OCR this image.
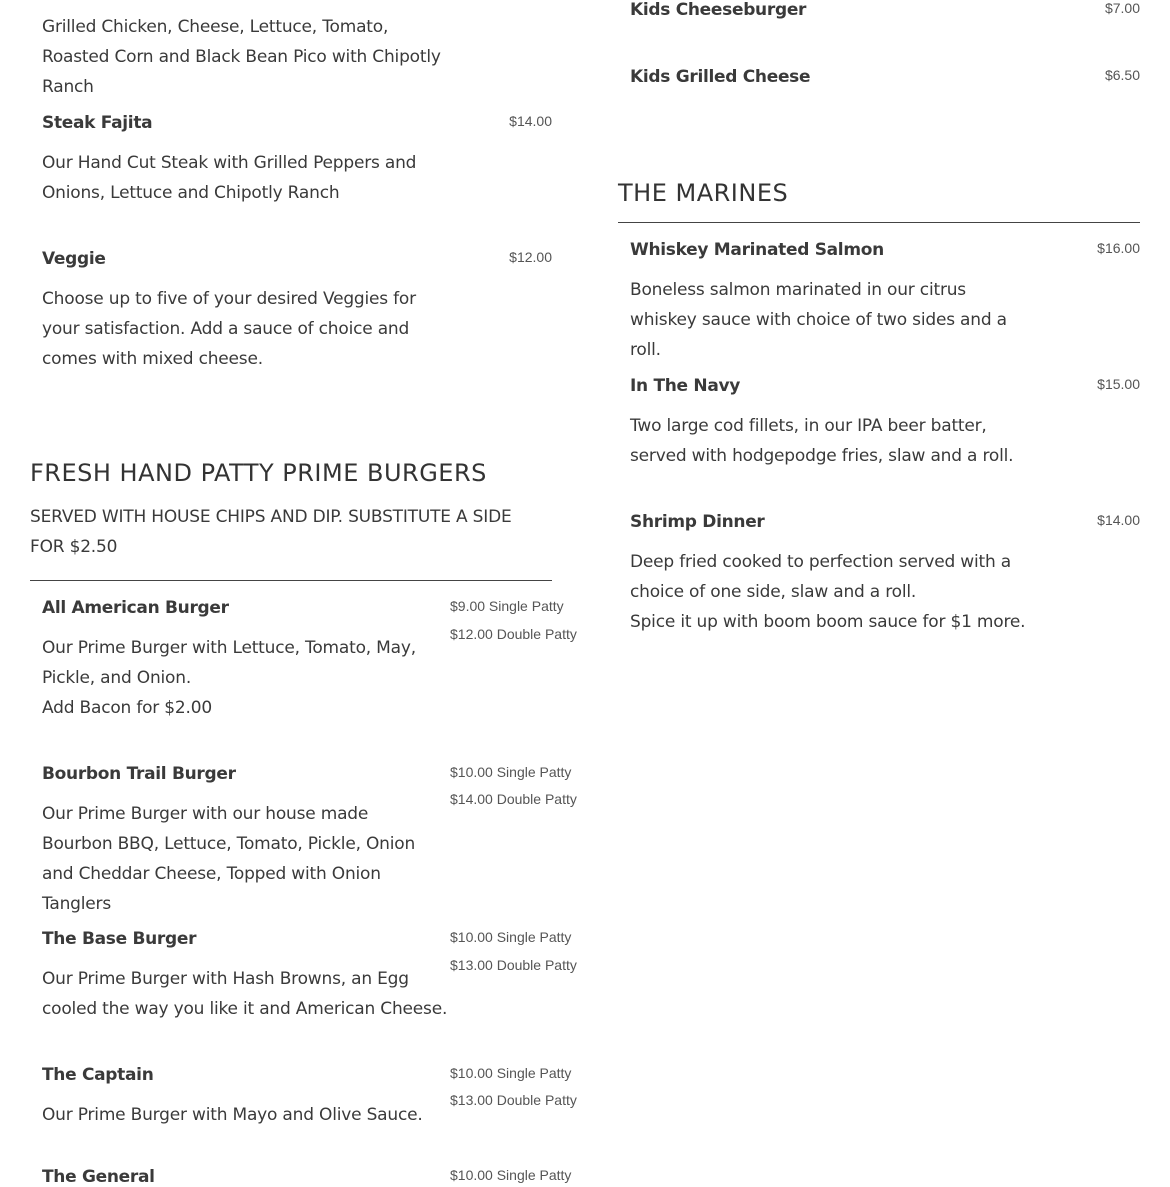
Grilled Chicken, Cheese, Lettuce, Tomato, Roasted Corn and Black Bean Pico with Chipotly Ranch
Steak Fajita	$14.00
Our Hand Cut Steak with Grilled Peppers and Onions, Lettuce and Chipotly Ranch
Veggie	$12.00
Choose up to five of your desired Veggies for your satisfaction. Add a sauce of choice and comes with mixed cheese.
FRESH HAND PATTY PRIME BURGERS
SERVED WITH HOUSE CHIPS AND DIP. SUBSTITUTE A SIDE FOR $2.50
All American Burger	$9.00 Single Patty
$12.00 Double Patty
Our Prime Burger with Lettuce, Tomato, May, Pickle, and Onion.
Add Bacon for $2.00
Bourbon Trail Burger	$10.00 Single Patty
$14.00 Double Patty
Our Prime Burger with our house made Bourbon BBQ, Lettuce, Tomato, Pickle, Onion and Cheddar Cheese, Topped with Onion Tanglers
The Base Burger	$10.00 Single Patty
$13.00 Double Patty
Our Prime Burger with Hash Browns, an Egg cooled the way you like it and American Cheese.
The Captain	$10.00 Single Patty
$13.00 Double Patty
Our Prime Burger with Mayo and Olive Sauce.
The General	$10.00 Single Patty
Kids Cheeseburger	$7.00
Kids Grilled Cheese	$6.50
THE MARINES
Whiskey Marinated Salmon	$16.00
Boneless salmon marinated in our citrus whiskey sauce with choice of two sides and a roll.
In The Navy	$15.00
Two large cod fillets, in our IPA beer batter, served with hodgepodge fries, slaw and a roll.
Shrimp Dinner	$14.00
Deep fried cooked to perfection served with a choice of one side, slaw and a roll.
Spice it up with boom boom sauce for $1 more.
